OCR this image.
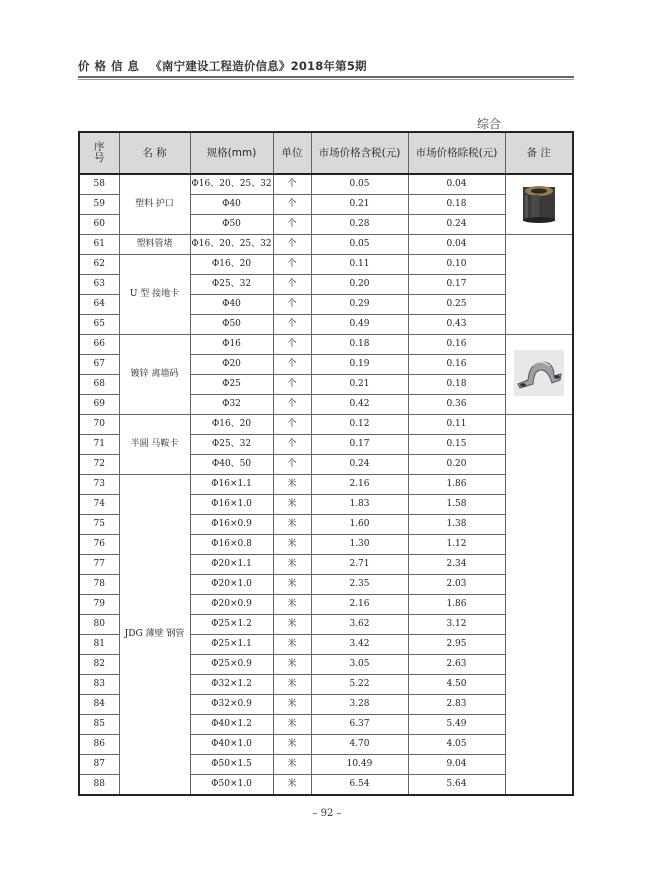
价格信息 《南宁建设工程造价信息》2018年第5期
综合
序
号	名 称	规格(mm)	单位	市场价格含税(元)	市场价格除税(元)	备 注
58	塑料 护口	Φ16、20、25、32	个	0.05	0.04	
59		Φ40	个	0.21	0.18	
60		Φ50	个	0.28	0.24	
61	塑料管堵	Φ16、20、25、32	个	0.05	0.04	
62	U 型 接地卡	Φ16、20	个	0.11	0.10	
63		Φ25、32	个	0.20	0.17	
64		Φ40	个	0.29	0.25	
65		Φ50	个	0.49	0.43	
66	镀锌 离墙码	Φ16	个	0.18	0.16	
67		Φ20	个	0.19	0.16	
68		Φ25	个	0.21	0.18	
69		Φ32	个	0.42	0.36	
70	半圆 马鞍卡	Φ16、20	个	0.12	0.11	
71		Φ25、32	个	0.17	0.15	
72		Φ40、50	个	0.24	0.20	
73	JDG 薄壁 钢管	Φ16×1.1	米	2.16	1.86	
74		Φ16×1.0	米	1.83	1.58	
75		Φ16×0.9	米	1.60	1.38	
76		Φ16×0.8	米	1.30	1.12	
77		Φ20×1.1	米	2.71	2.34	
78		Φ20×1.0	米	2.35	2.03	
79		Φ20×0.9	米	2.16	1.86	
80		Φ25×1.2	米	3.62	3.12	
81		Φ25×1.1	米	3.42	2.95	
82		Φ25×0.9	米	3.05	2.63	
83		Φ32×1.2	米	5.22	4.50	
84		Φ32×0.9	米	3.28	2.83	
85		Φ40×1.2	米	6.37	5.49	
86		Φ40×1.0	米	4.70	4.05	
87		Φ50×1.5	米	10.49	9.04	
88		Φ50×1.0	米	6.54	5.64	
– 92 –
